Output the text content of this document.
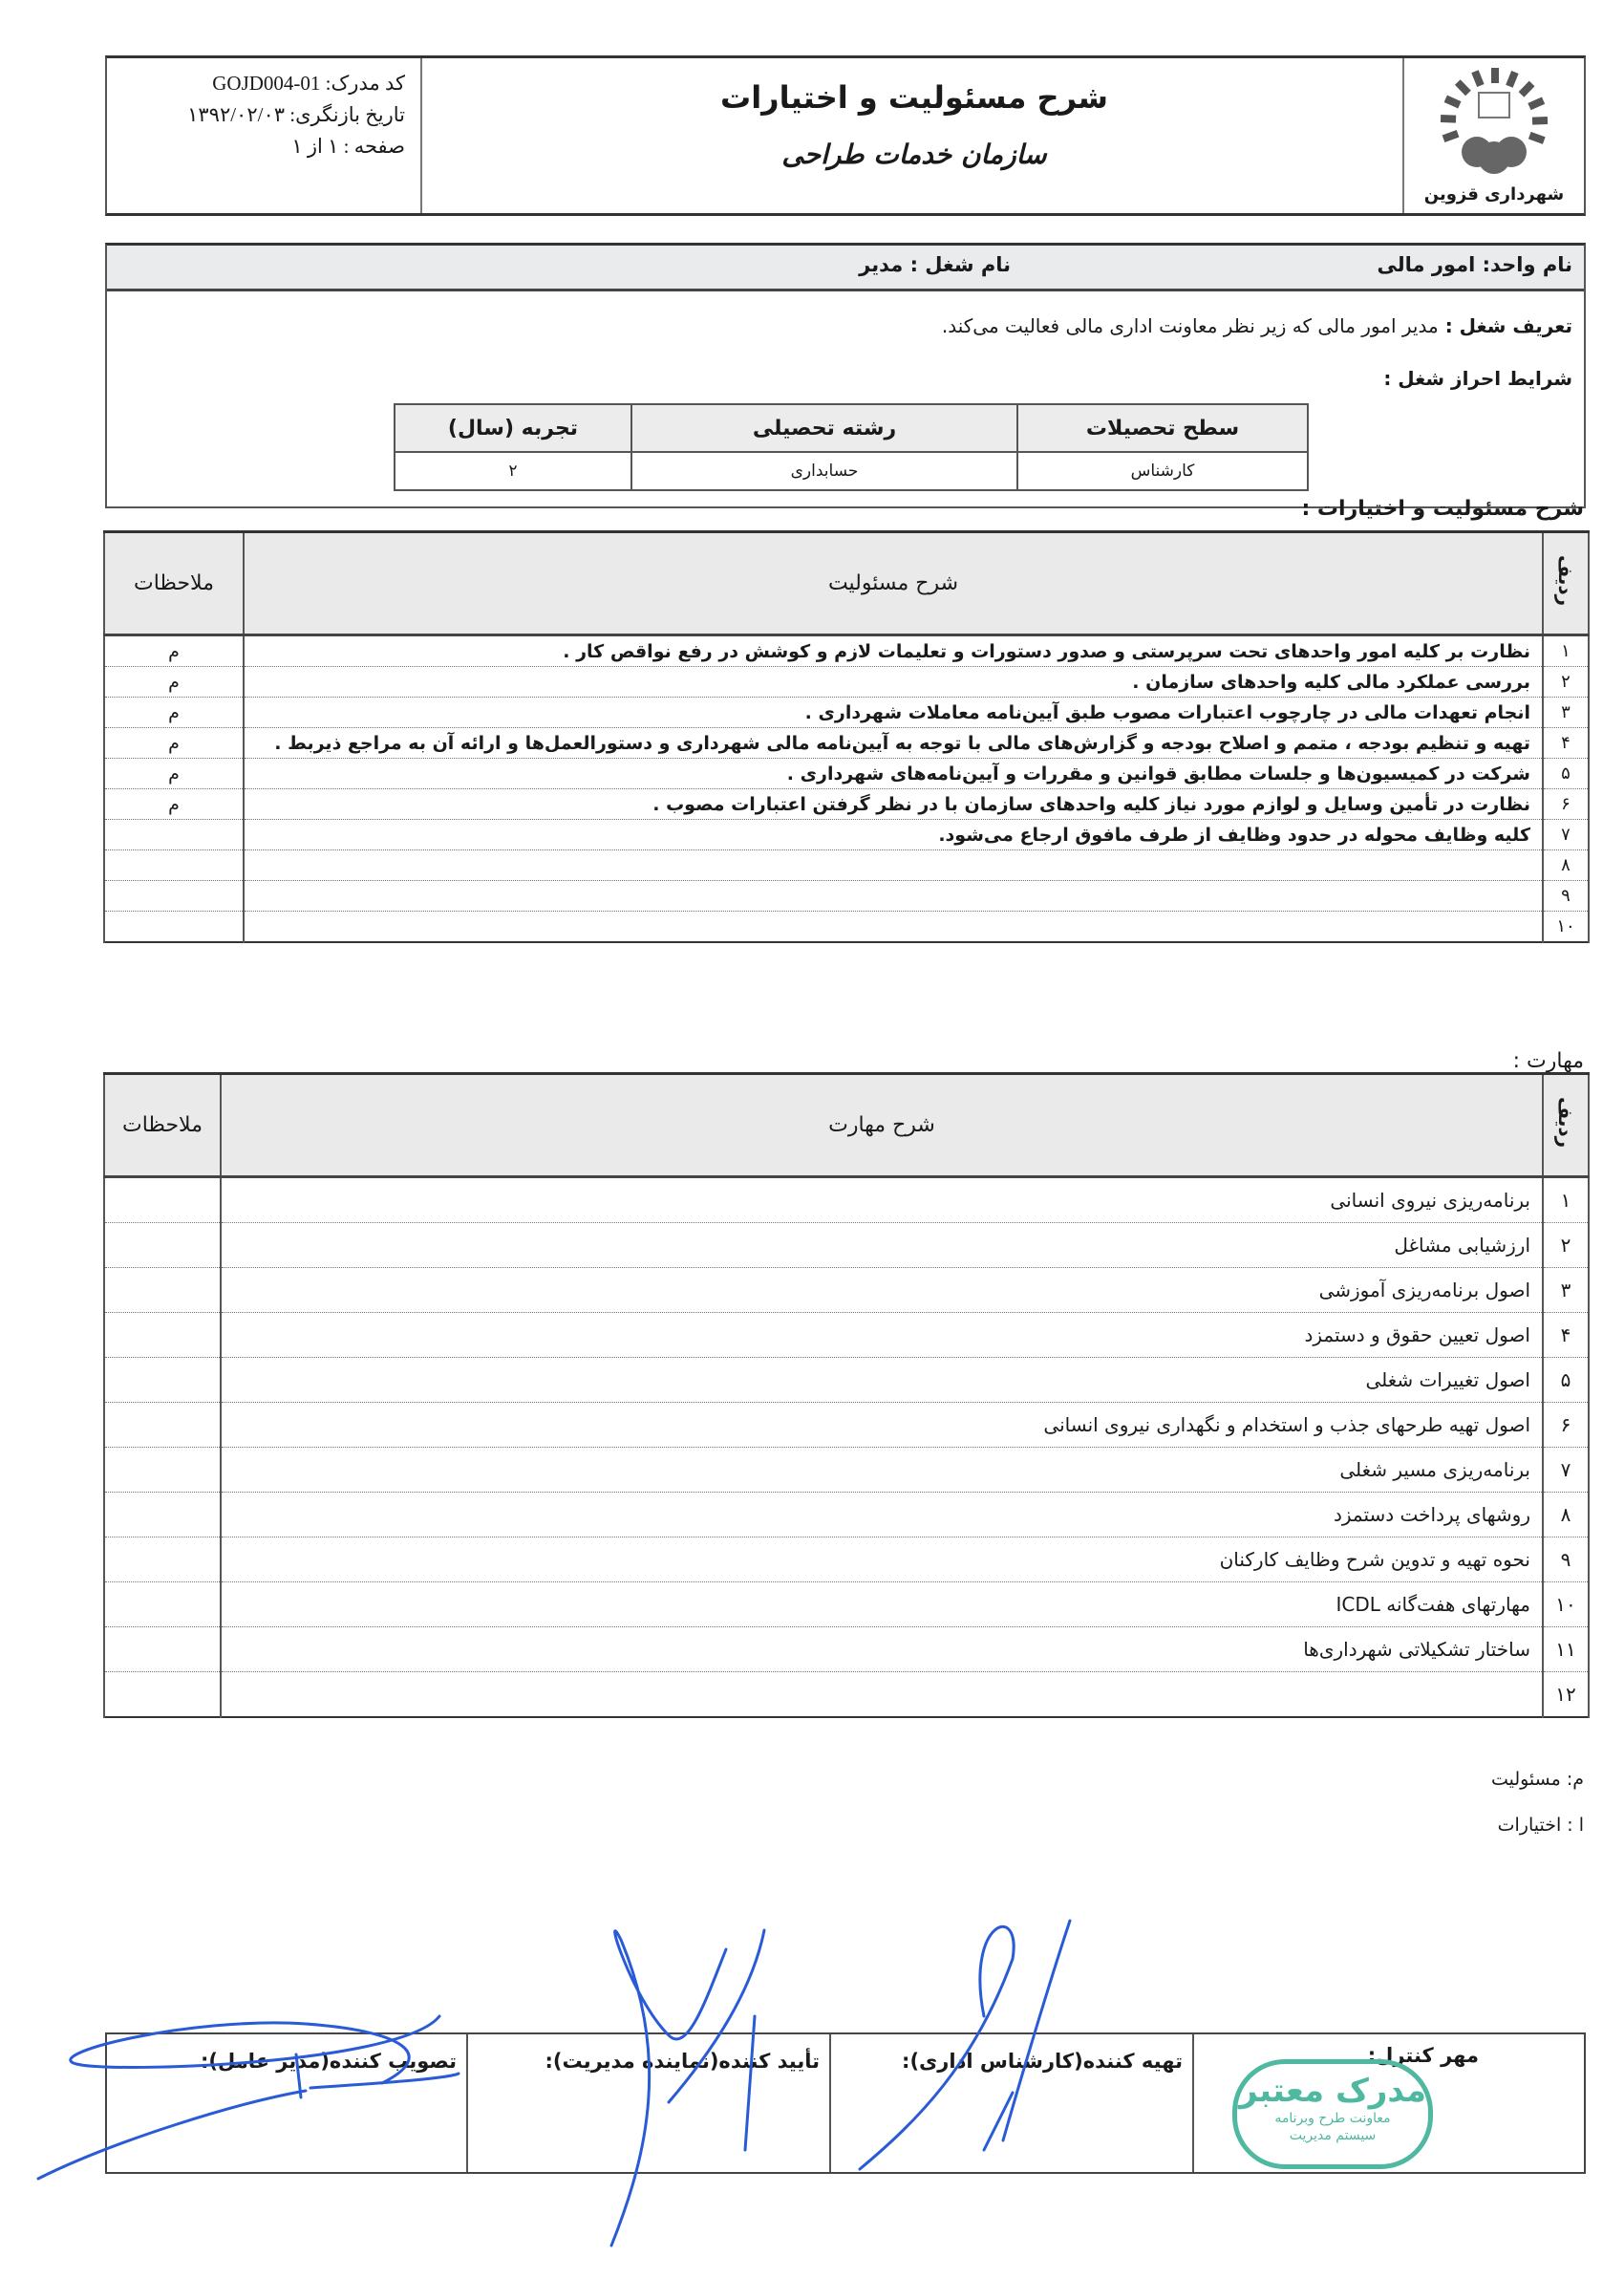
کد مدرک: GOJD004-01
تاریخ بازنگری: ۱۳۹۲/۰۲/۰۳
صفحه : ۱ از ۱
شرح مسئولیت و اختیارات
سازمان خدمات طراحی
شهرداری قزوین
نام واحد: امور مالی
نام شغل : مدیر
تعریف شغل : مدیر امور مالی که زیر نظر معاونت اداری مالی فعالیت می‌کند.
شرایط احراز شغل :
سطح تحصیلات	رشته تحصیلی	تجربه (سال)
کارشناس	حسابداری	۲
شرح مسئولیت و اختیارات :
ردیف	شرح مسئولیت	ملاحظات
۱	نظارت بر کلیه امور واحدهای تحت سرپرستی و صدور دستورات و تعلیمات لازم و کوشش در رفع نواقص کار .	م
۲	بررسی عملکرد مالی کلیه واحدهای سازمان .	م
۳	انجام تعهدات مالی در چارچوب اعتبارات مصوب طبق آیین‌نامه معاملات شهرداری .	م
۴	تهیه و تنظیم بودجه ، متمم و اصلاح بودجه و گزارش‌های مالی با توجه به آیین‌نامه مالی شهرداری و دستورالعمل‌ها و ارائه آن به مراجع ذیربط .	م
۵	شرکت در کمیسیون‌ها و جلسات مطابق قوانین و مقررات و آیین‌نامه‌های شهرداری .	م
۶	نظارت در تأمین وسایل و لوازم مورد نیاز کلیه واحدهای سازمان با در نظر گرفتن اعتبارات مصوب .	م
۷	کلیه وظایف محوله در حدود وظایف از طرف مافوق ارجاع می‌شود.	
۸		
۹		
۱۰		
مهارت :
ردیف	شرح مهارت	ملاحظات
۱	برنامه‌ریزی نیروی انسانی	
۲	ارزشیابی مشاغل	
۳	اصول برنامه‌ریزی آموزشی	
۴	اصول تعیین حقوق و دستمزد	
۵	اصول تغییرات شغلی	
۶	اصول تهیه طرحهای جذب و استخدام و نگهداری نیروی انسانی	
۷	برنامه‌ریزی مسیر شغلی	
۸	روشهای پرداخت دستمزد	
۹	نحوه تهیه و تدوین شرح وظایف کارکنان	
۱۰	مهارتهای هفت‌گانه ICDL	
۱۱	ساختار تشکیلاتی شهرداری‌ها	
۱۲		
م: مسئولیت
ا : اختیارات
مهر کنترل:
مدرک معتبر
معاونت طرح وبرنامه
سیستم مدیریت
تهیه کننده(کارشناس اداری):
تأیید کننده(نماینده مدیریت):
تصویب کننده(مدیر عامل):
